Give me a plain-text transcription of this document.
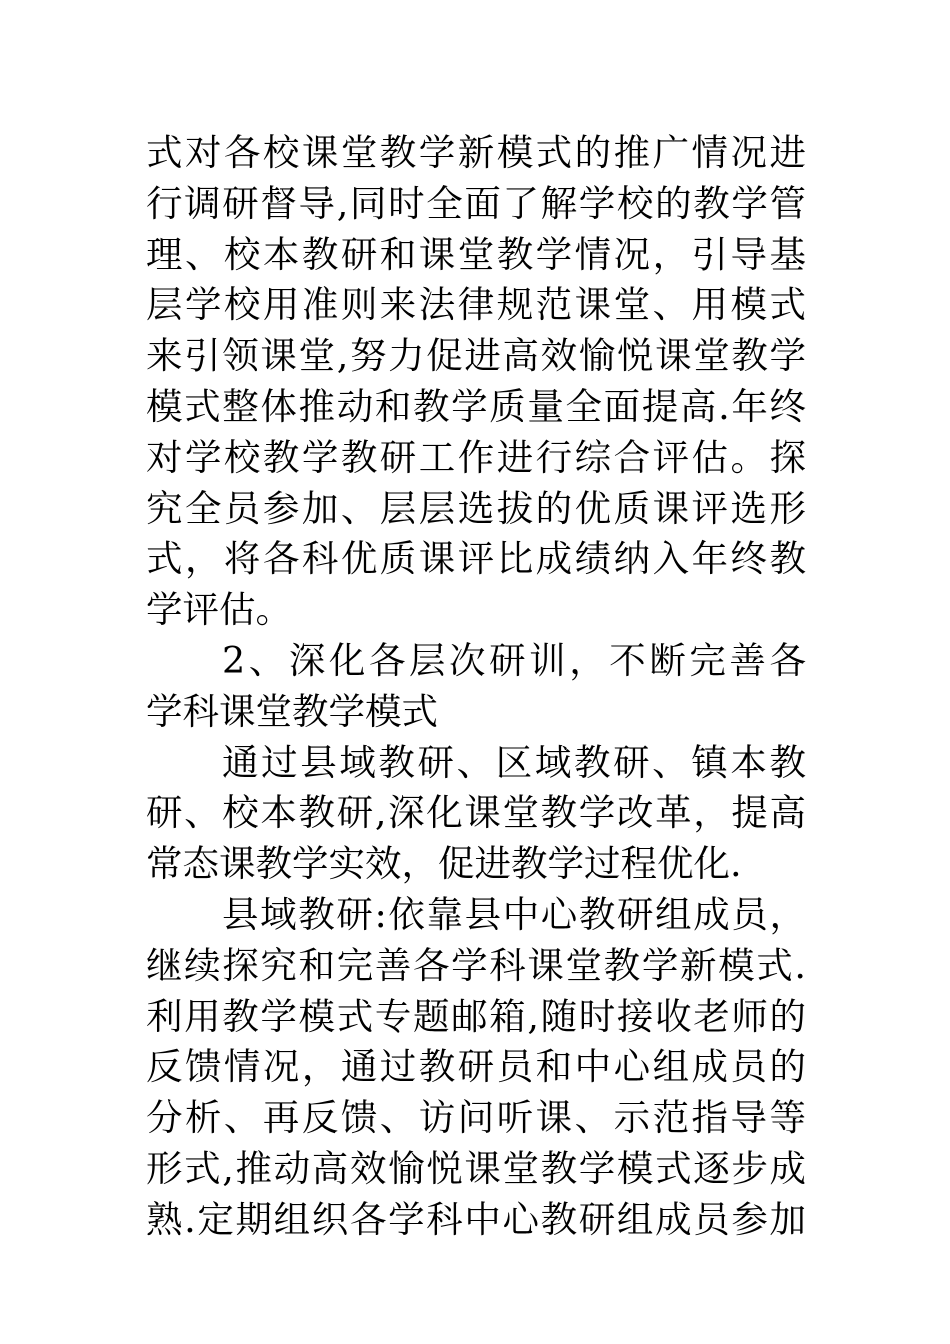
式对各校课堂教学新模式的推广情况进
行调研督导,同时全面了解学校的教学管
理、校本教研和课堂教学情况，引导基
层学校用准则来法律规范课堂、用模式
来引领课堂,努力促进高效愉悦课堂教学
模式整体推动和教学质量全面提高.年终
对学校教学教研工作进行综合评估。探
究全员参加、层层选拔的优质课评选形
式，将各科优质课评比成绩纳入年终教
学评估。
2、深化各层次研训，不断完善各
学科课堂教学模式
通过县域教研、区域教研、镇本教
研、校本教研,深化课堂教学改革，提高
常态课教学实效，促进教学过程优化.
县域教研:依靠县中心教研组成员，
继续探究和完善各学科课堂教学新模式.
利用教学模式专题邮箱,随时接收老师的
反馈情况，通过教研员和中心组成员的
分析、再反馈、访问听课、示范指导等
形式,推动高效愉悦课堂教学模式逐步成
熟.定期组织各学科中心教研组成员参加
